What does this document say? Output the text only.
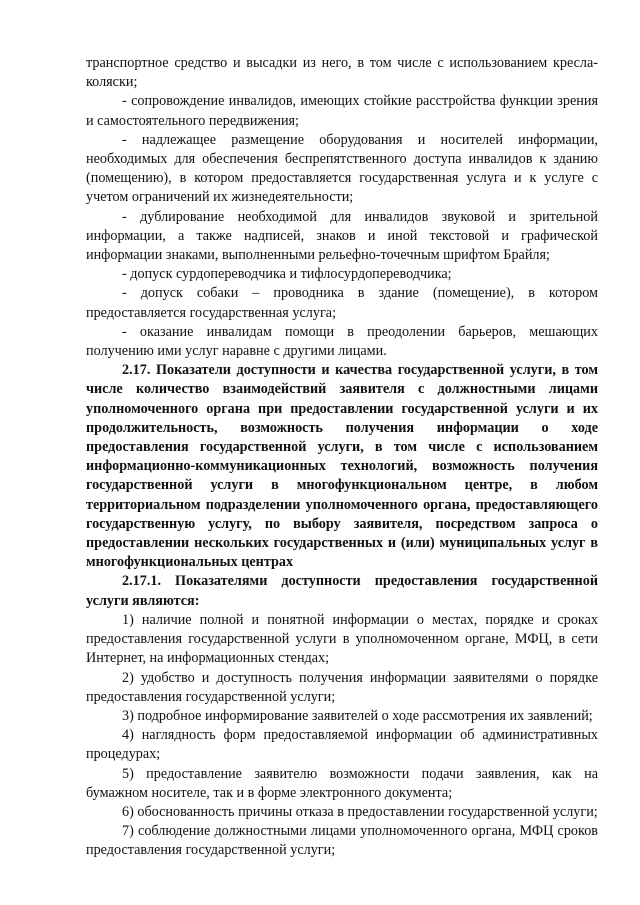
транспортное средство и высадки из него, в том числе с использованием кресла-коляски;

- сопровождение инвалидов, имеющих стойкие расстройства функции зрения и самостоятельного передвижения;

- надлежащее размещение оборудования и носителей информации, необходимых для обеспечения беспрепятственного доступа инвалидов к зданию (помещению), в котором предоставляется государственная услуга и к услуге с учетом ограничений их жизнедеятельности;

- дублирование необходимой для инвалидов звуковой и зрительной информации, а также надписей, знаков и иной текстовой и графической информации знаками, выполненными рельефно-точечным шрифтом Брайля;

- допуск сурдопереводчика и тифлосурдопереводчика;

- допуск собаки – проводника в здание (помещение), в котором предоставляется государственная услуга;

- оказание инвалидам помощи в преодолении барьеров, мешающих получению ими услуг наравне с другими лицами.

2.17. Показатели доступности и качества государственной услуги, в том числе количество взаимодействий заявителя с должностными лицами уполномоченного органа при предоставлении государственной услуги и их продолжительность, возможность получения информации о ходе предоставления государственной услуги, в том числе с использованием информационно-коммуникационных технологий, возможность получения государственной услуги в многофункциональном центре, в любом территориальном подразделении уполномоченного органа, предоставляющего государственную услугу, по выбору заявителя, посредством запроса о предоставлении нескольких государственных и (или) муниципальных услуг в многофункциональных центрах

2.17.1. Показателями доступности предоставления государственной услуги являются:

1) наличие полной и понятной информации о местах, порядке и сроках предоставления государственной услуги в уполномоченном органе, МФЦ, в сети Интернет, на информационных стендах;

2) удобство и доступность получения информации заявителями о порядке предоставления государственной услуги;

3) подробное информирование заявителей о ходе рассмотрения их заявлений;

4) наглядность форм предоставляемой информации об административных процедурах;

5) предоставление заявителю возможности подачи заявления, как на бумажном носителе, так и в форме электронного документа;

6) обоснованность причины отказа в предоставлении государственной услуги;

7) соблюдение должностными лицами уполномоченного органа, МФЦ сроков предоставления государственной услуги;
